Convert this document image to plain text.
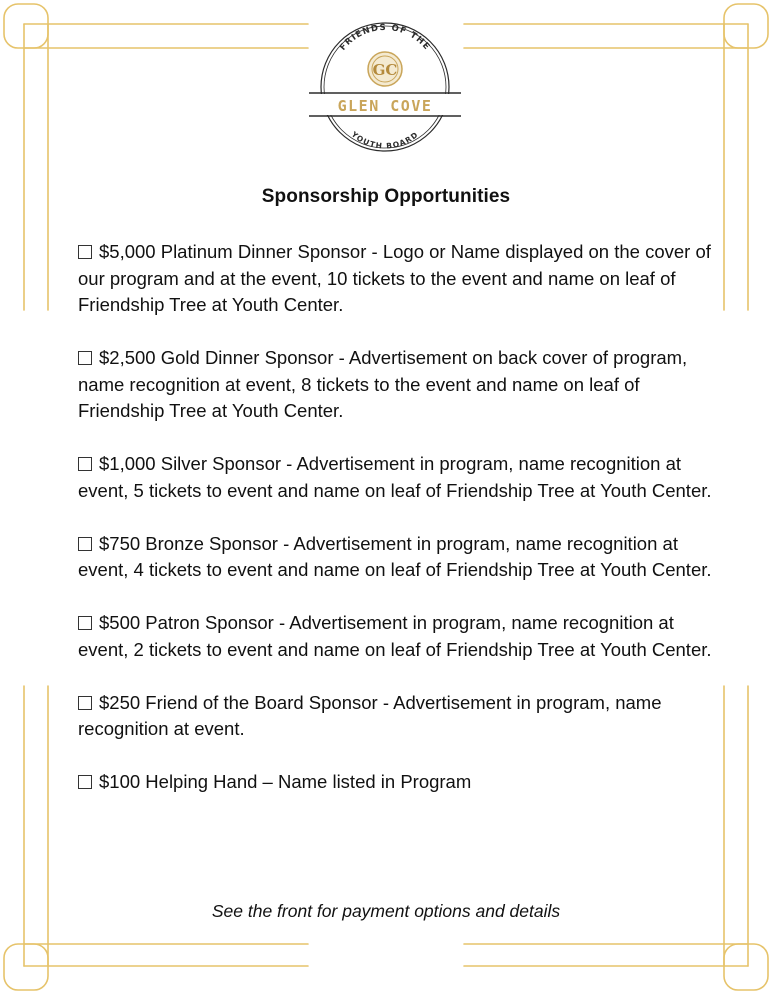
FRIENDS OF THE
GC
GLEN COVE
YOUTH BOARD
Sponsorship Opportunities
$5,000 Platinum Dinner Sponsor - Logo or Name displayed on the cover of our program and at the event, 10 tickets to the event and name on leaf of Friendship Tree at Youth Center.
$2,500 Gold Dinner Sponsor - Advertisement on back cover of program, name recognition at event, 8 tickets to the event and name on leaf of Friendship Tree at Youth Center.
$1,000 Silver Sponsor - Advertisement in program, name recognition at event, 5 tickets to event and name on leaf of Friendship Tree at Youth Center.
$750 Bronze Sponsor - Advertisement in program, name recognition at event, 4 tickets to event and name on leaf of Friendship Tree at Youth Center.
$500 Patron Sponsor - Advertisement in program, name recognition at event, 2 tickets to event and name on leaf of Friendship Tree at Youth Center.
$250 Friend of the Board Sponsor - Advertisement in program, name recognition at event.
$100 Helping Hand – Name listed in Program
See the front for payment options and details
